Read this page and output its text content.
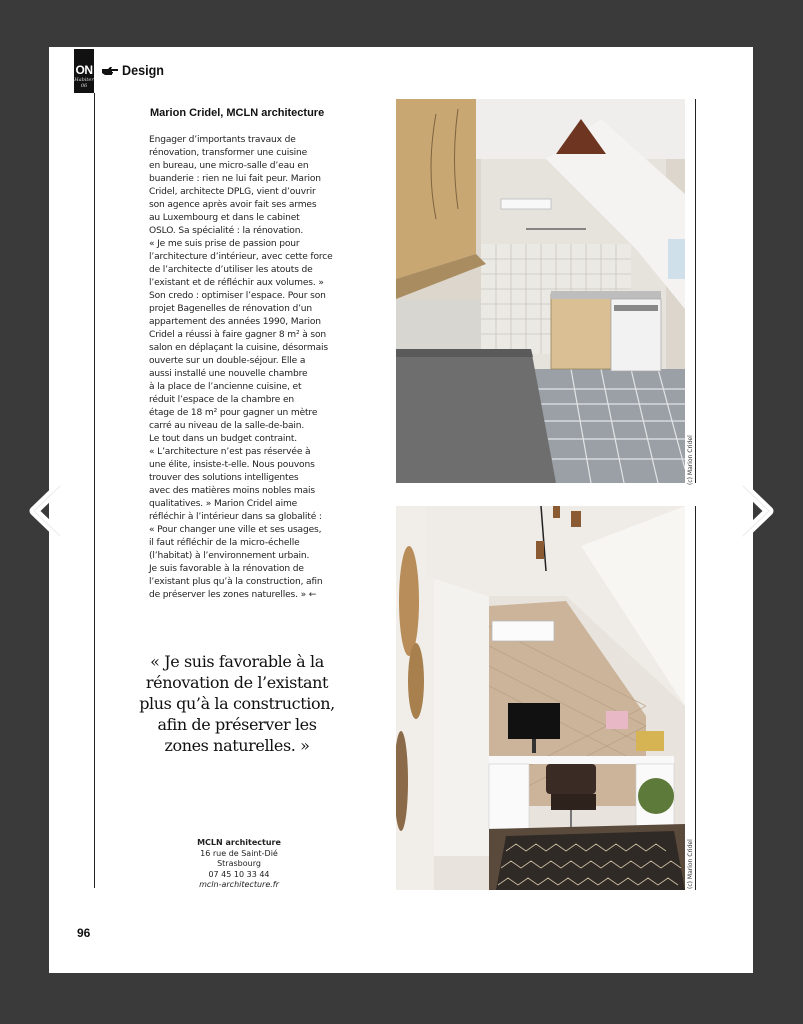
ON
Habiter
06
Design
Marion Cridel, MCLN architecture

Engager d’importants travaux de

rénovation, transformer une cuisine

en bureau, une micro-salle d’eau en

buanderie : rien ne lui fait peur. Marion

Cridel, architecte DPLG, vient d’ouvrir

son agence après avoir fait ses armes

au Luxembourg et dans le cabinet

OSLO. Sa spécialité : la rénovation.

« Je me suis prise de passion pour

l’architecture d’intérieur, avec cette force

de l’architecte d’utiliser les atouts de

l’existant et de réfléchir aux volumes. »

Son credo : optimiser l’espace. Pour son

projet Bagenelles de rénovation d’un

appartement des années 1990, Marion

Cridel a réussi à faire gagner 8 m² à son

salon en déplaçant la cuisine, désormais

ouverte sur un double-séjour. Elle a

aussi installé une nouvelle chambre

à la place de l’ancienne cuisine, et

réduit l’espace de la chambre en

étage de 18 m² pour gagner un mètre

carré au niveau de la salle-de-bain.

Le tout dans un budget contraint.

« L’architecture n’est pas réservée à

une élite, insiste-t-elle. Nous pouvons

trouver des solutions intelligentes

avec des matières moins nobles mais

qualitatives. » Marion Cridel aime

réfléchir à l’intérieur dans sa globalité :

« Pour changer une ville et ses usages,

il faut réfléchir de la micro-échelle

(l’habitat) à l’environnement urbain.

Je suis favorable à la rénovation de

l’existant plus qu’à la construction, afin

de préserver les zones naturelles. » ←

« Je suis favorable à la

rénovation de l’existant

plus qu’à la construction,

afin de préserver les

zones naturelles. »

MCLN architecture
16 rue de Saint-Dié
Strasbourg
07 45 10 33 44
mcln-architecture.fr
96
(c) Marion Cridel
(c) Marion Cridel
